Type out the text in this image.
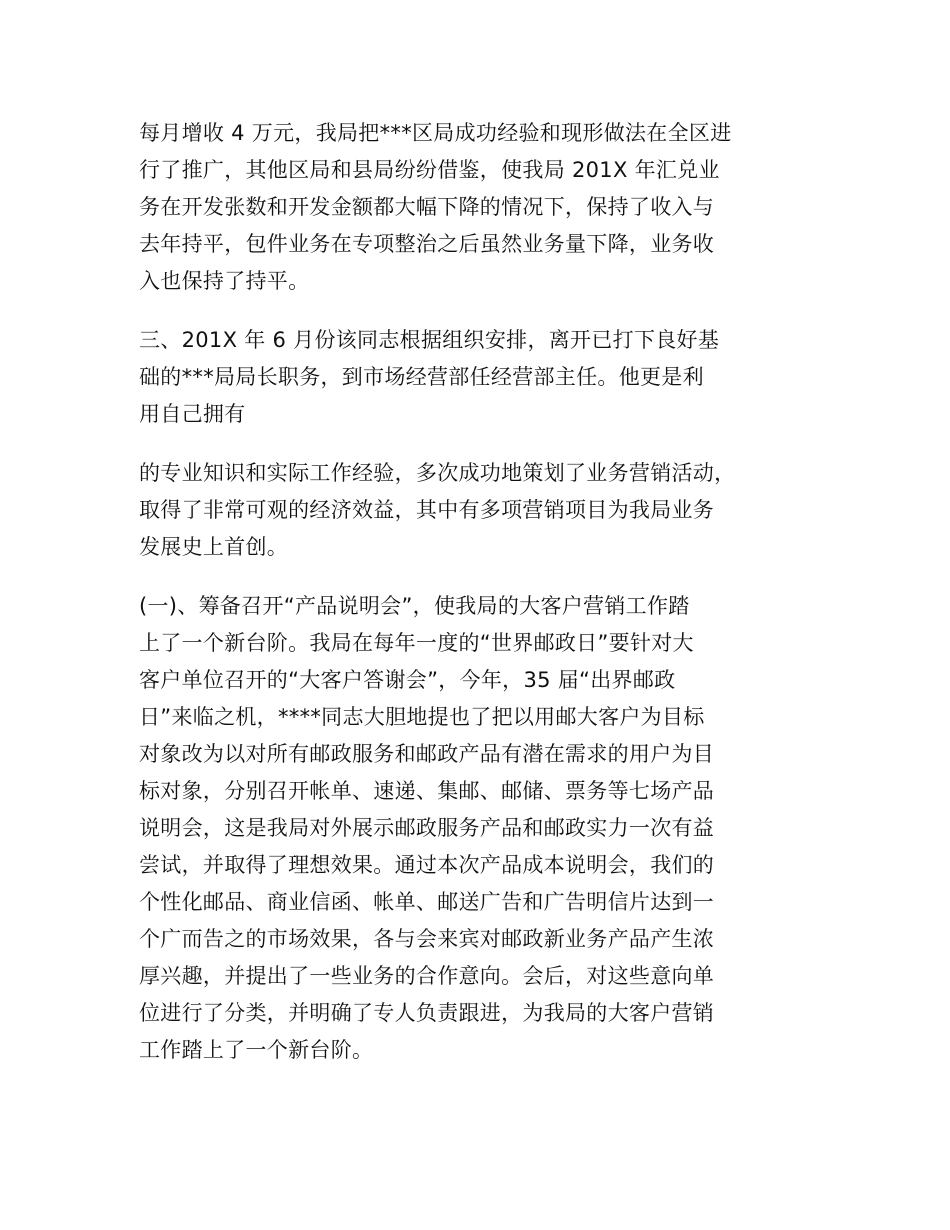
每月增收 4 万元，我局把***区局成功经验和现形做法在全区进
行了推广，其他区局和县局纷纷借鉴，使我局 201X 年汇兑业
务在开发张数和开发金额都大幅下降的情况下，保持了收入与
去年持平，包件业务在专项整治之后虽然业务量下降，业务收
入也保持了持平。

三、201X 年 6 月份该同志根据组织安排，离开已打下良好基
础的***局局长职务，到市场经营部任经营部主任。他更是利
用自己拥有

的专业知识和实际工作经验，多次成功地策划了业务营销活动，
取得了非常可观的经济效益，其中有多项营销项目为我局业务
发展史上首创。

(一)、筹备召开“产品说明会”，使我局的大客户营销工作踏
上了一个新台阶。我局在每年一度的“世界邮政日”要针对大
客户单位召开的“大客户答谢会”，今年，35 届“出界邮政
日”来临之机，****同志大胆地提也了把以用邮大客户为目标
对象改为以对所有邮政服务和邮政产品有潜在需求的用户为目
标对象，分别召开帐单、速递、集邮、邮储、票务等七场产品
说明会，这是我局对外展示邮政服务产品和邮政实力一次有益
尝试，并取得了理想效果。通过本次产品成本说明会，我们的
个性化邮品、商业信函、帐单、邮送广告和广告明信片达到一
个广而告之的市场效果，各与会来宾对邮政新业务产品产生浓
厚兴趣，并提出了一些业务的合作意向。会后，对这些意向单
位进行了分类，并明确了专人负责跟进，为我局的大客户营销
工作踏上了一个新台阶。
